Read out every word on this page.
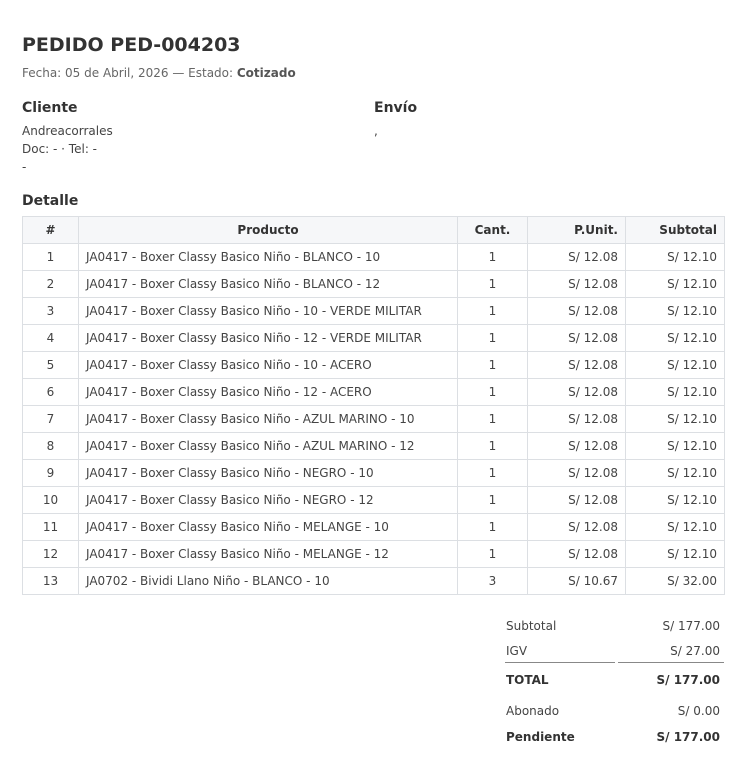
PEDIDO PED-004203
Fecha: 05 de Abril, 2026 — Estado: Cotizado
Cliente
Andreacorrales
Doc: - · Tel: -
-
Envío
,
Detalle
#	Producto	Cant.	P.Unit.	Subtotal
1	JA0417 - Boxer Classy Basico Niño - BLANCO - 10	1	S/ 12.08	S/ 12.10
2	JA0417 - Boxer Classy Basico Niño - BLANCO - 12	1	S/ 12.08	S/ 12.10
3	JA0417 - Boxer Classy Basico Niño - 10 - VERDE MILITAR	1	S/ 12.08	S/ 12.10
4	JA0417 - Boxer Classy Basico Niño - 12 - VERDE MILITAR	1	S/ 12.08	S/ 12.10
5	JA0417 - Boxer Classy Basico Niño - 10 - ACERO	1	S/ 12.08	S/ 12.10
6	JA0417 - Boxer Classy Basico Niño - 12 - ACERO	1	S/ 12.08	S/ 12.10
7	JA0417 - Boxer Classy Basico Niño - AZUL MARINO - 10	1	S/ 12.08	S/ 12.10
8	JA0417 - Boxer Classy Basico Niño - AZUL MARINO - 12	1	S/ 12.08	S/ 12.10
9	JA0417 - Boxer Classy Basico Niño - NEGRO - 10	1	S/ 12.08	S/ 12.10
10	JA0417 - Boxer Classy Basico Niño - NEGRO - 12	1	S/ 12.08	S/ 12.10
11	JA0417 - Boxer Classy Basico Niño - MELANGE - 10	1	S/ 12.08	S/ 12.10
12	JA0417 - Boxer Classy Basico Niño - MELANGE - 12	1	S/ 12.08	S/ 12.10
13	JA0702 - Bividi Llano Niño - BLANCO - 10	3	S/ 10.67	S/ 32.00
Subtotal	S/ 177.00
IGV	S/ 27.00
TOTAL	S/ 177.00
Abonado	S/ 0.00
Pendiente	S/ 177.00
